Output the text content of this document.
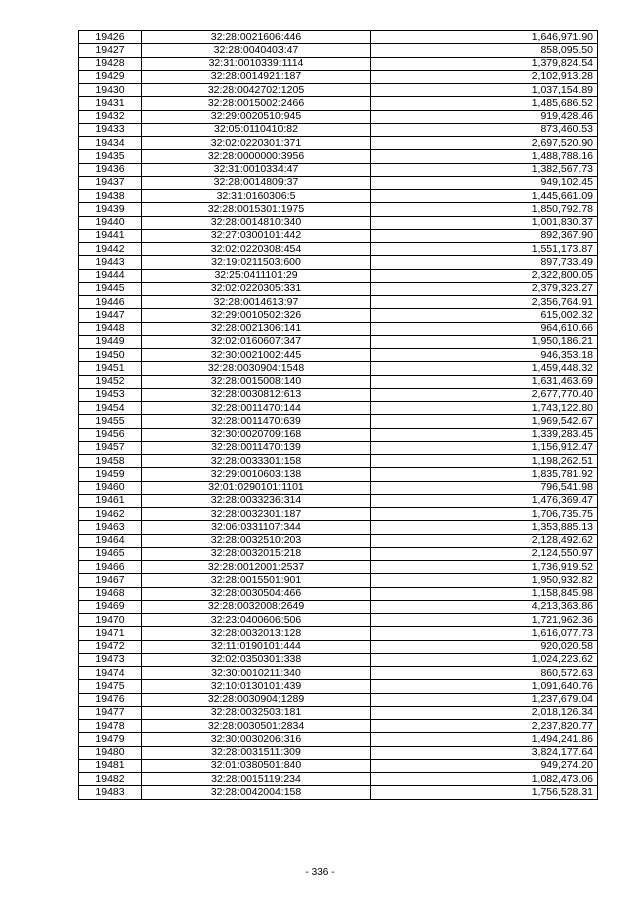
19426	32:28:0021606:446	1,646,971.90
19427	32:28:0040403:47	858,095.50
19428	32:31:0010339:1114	1,379,824.54
19429	32:28:0014921:187	2,102,913.28
19430	32:28:0042702:1205	1,037,154.89
19431	32:28:0015002:2466	1,485,686.52
19432	32:29:0020510:945	919,428.46
19433	32:05:0110410:82	873,460.53
19434	32:02:0220301:371	2,697,520.90
19435	32:28:0000000:3956	1,488,788.16
19436	32:31:0010334:47	1,382,567.73
19437	32:28:0014809:37	949,102.45
19438	32:31:0160306:5	1,445,661.09
19439	32:28:0015301:1975	1,850,792.78
19440	32:28:0014810:340	1,001,830.37
19441	32:27:0300101:442	892,367.90
19442	32:02:0220308:454	1,551,173.87
19443	32:19:0211503:600	897,733.49
19444	32:25:0411101:29	2,322,800.05
19445	32:02:0220305:331	2,379,323.27
19446	32:28:0014613:97	2,356,764.91
19447	32:29:0010502:326	615,002.32
19448	32:28:0021306:141	964,610.66
19449	32:02:0160607:347	1,950,186.21
19450	32:30:0021002:445	946,353.18
19451	32:28:0030904:1548	1,459,448.32
19452	32:28:0015008:140	1,631,463.69
19453	32:28:0030812:613	2,677,770.40
19454	32:28:0011470:144	1,743,122.80
19455	32:28:0011470:639	1,969,542.67
19456	32:30:0020709:168	1,339,283.45
19457	32:28:0011470:139	1,156,912.47
19458	32:28:0033301:158	1,198,262.51
19459	32:29:0010603:138	1,835,781.92
19460	32:01:0290101:1101	796,541.98
19461	32:28:0033236:314	1,476,369.47
19462	32:28:0032301:187	1,706,735.75
19463	32:06:0331107:344	1,353,885.13
19464	32:28:0032510:203	2,128,492.62
19465	32:28:0032015:218	2,124,550.97
19466	32:28:0012001:2537	1,736,919.52
19467	32:28:0015501:901	1,950,932.82
19468	32:28:0030504:466	1,158,845.98
19469	32:28:0032008:2649	4,213,363.86
19470	32:23:0400606:506	1,721,962.36
19471	32:28:0032013:128	1,616,077.73
19472	32:11:0190101:444	920,020.58
19473	32:02:0350301:338	1,024,223.62
19474	32:30:0010211:340	860,572.63
19475	32:10:0130101:439	1,091,640.76
19476	32:28:0030904:1289	1,237,679.04
19477	32:28:0032503:181	2,018,126.34
19478	32:28:0030501:2834	2,237,820.77
19479	32:30:0030206:316	1,494,241.86
19480	32:28:0031511:309	3,824,177.64
19481	32:01:0380501:840	949,274.20
19482	32:28:0015119:234	1,082,473.06
19483	32:28:0042004:158	1,756,528.31
- 336 -
